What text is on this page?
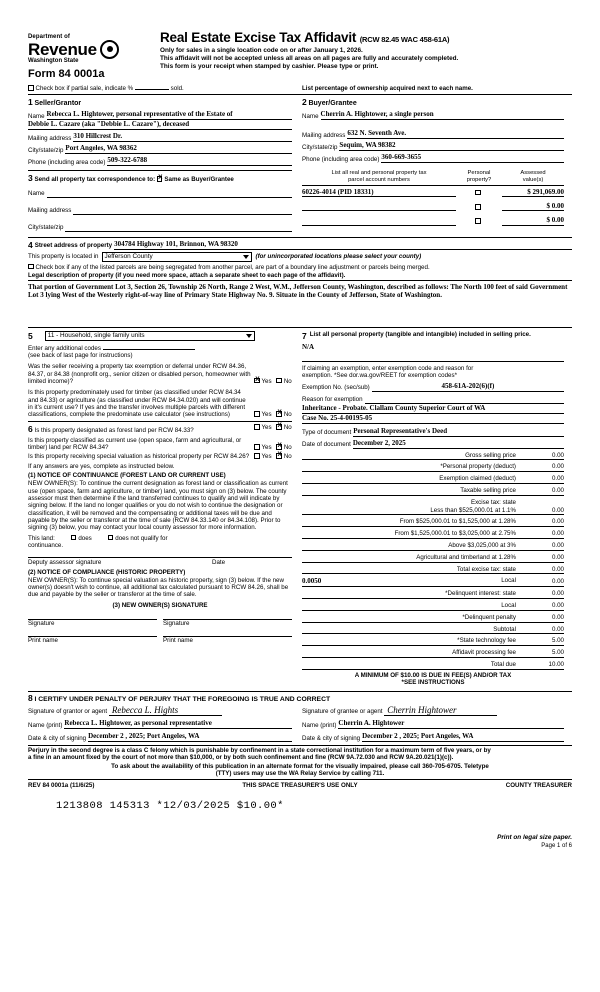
Department of
Revenue
Washington State
Form 84 0001a
Real Estate Excise Tax Affidavit (RCW 82.45 WAC 458-61A)
Only for sales in a single location code on or after January 1, 2026.
This affidavit will not be accepted unless all areas on all pages are fully and accurately completed.
This form is your receipt when stamped by cashier. Please type or print.
Check box if partial sale, indicate %	sold.	List percentage of ownership acquired next to each name.
1 Seller/Grantor
Name Rebecca L. Hightower, personal representative of the Estate of
Debbie L. Cazare (aka "Debbie L. Cazare"), deceased
Mailing address 310 Hillcrest Dr.
City/state/zip Port Angeles, WA 98362
Phone (including area code) 509-322-6788
2 Buyer/Grantee
Name Cherrin A. Hightower, a single person
Mailing address 632 N. Seventh Ave.
City/state/zip Sequim, WA 98382
Phone (including area code) 360-669-3655
3 Send all property tax correspondence to: X Same as Buyer/Grantee
Name
Mailing address
City/state/zip
List all real and personal property tax
parcel account numbers
Personal
property?
Assessed
value(s)
60226-4014 (PID 18331)	$ 291,069.00

$ 0.00

$ 0.00
4 Street address of property 304784 Highway 101, Brinnon, WA 98320
This property is located in Jefferson County	(for unincorporated locations please select your county)
Check box if any of the listed parcels are being segregated from another parcel, are part of a boundary line adjustment or parcels being merged.
Legal description of property (if you need more space, attach a separate sheet to each page of the affidavit).
That portion of Government Lot 3, Section 26, Township 26 North, Range 2 West, W.M., Jefferson County, Washington, described as follows: The North 100 feet of said Government Lot 3 lying West of the Westerly right-of-way line of Primary State Highway No. 9. Situate in the County of Jefferson, State of Washington.
5 11 - Household, single family units
Enter any additional codes
(see back of last page for instructions)
Was the seller receiving a property tax exemption or deferral under RCW 84.36, 84.37, or 84.38 (nonprofit org., senior citizen or disabled person, homeowner with limited income)? X	Yes No
Is this property predominately used for timber (as classified under RCW 84.34 and 84.33) or agriculture (as classified under RCW 84.34.020) and will continue in it's current use? If yes and the transfer involves multiple parcels with different classifications, complete the predominate use calculator (see instructions)	Yes X No
6 Is this property designated as forest land per RCW 84.33?	Yes X No
Is this property classified as current use (open space, farm and agricultural, or timber) land per RCW 84.34?	Yes X No
Is this property receiving special valuation as historical property per RCW 84.26?	Yes X No
If any answers are yes, complete as instructed below.
(1) NOTICE OF CONTINUANCE (FOREST LAND OR CURRENT USE)
NEW OWNER(S): To continue the current designation as forest land or classification as current use (open space, farm and agriculture, or timber) land, you must sign on (3) below. The county assessor must then determine if the land transferred continues to qualify and will indicate by signing below. If the land no longer qualifies or you do not wish to continue the designation or classification, it will be removed and the compensating or additional taxes will be due and payable by the seller or transferor at the time of sale (RCW 84.33.140 or 84.34.108). Prior to signing (3) below, you may contact your local county assessor for more information.
This land:	does	does not qualify for
continuance.
Deputy assessor signature	Date
(2) NOTICE OF COMPLIANCE (HISTORIC PROPERTY)
NEW OWNER(S): To continue special valuation as historic property, sign (3) below. If the new owner(s) doesn't wish to continue, all additional tax calculated pursuant to RCW 84.26, shall be due and payable by the seller or transferor at the time of sale.
(3) NEW OWNER(S) SIGNATURE
Signature	Signature
Print name	Print name
7 List all personal property (tangible and intangible) included in selling price.
N/A
If claiming an exemption, enter exemption code and reason for
exemption. *See dor.wa.gov/REET for exemption codes*
Exemption No. (sec/sub)	458-61A-202(6)(f)
Reason for exemption
Inheritance - Probate. Clallam County Superior Court of WA
Case No. 25-4-00195-05
Type of document Personal Representative's Deed
Date of document December 2, 2025
Gross selling price	0.00
*Personal property (deduct)	0.00
Exemption claimed (deduct)	0.00
Taxable selling price	0.00
Excise tax: state
Less than $525,000.01 at 1.1%	0.00
From $525,000.01 to $1,525,000 at 1.28%	0.00
From $1,525,000.01 to $3,025,000 at 2.75%	0.00
Above $3,025,000 at 3%	0.00
Agricultural and timberland at 1.28%	0.00
Total excise tax: state	0.00
0.0050	Local	0.00
*Delinquent interest: state	0.00
Local	0.00
*Delinquent penalty	0.00
Subtotal	0.00
*State technology fee	5.00
Affidavit processing fee	5.00
Total due	10.00
A MINIMUM OF $10.00 IS DUE IN FEE(S) AND/OR TAX
*SEE INSTRUCTIONS
8 I CERTIFY UNDER PENALTY OF PERJURY THAT THE FOREGOING IS TRUE AND CORRECT
Signature of grantor or agent Rebecca L. Hights
Name (print) Rebecca L. Hightower, as personal representative
Date & city of signing December 2 , 2025; Port Angeles, WA
Signature of grantee or agent Cherrin Hightower
Name (print) Cherrin A. Hightower
Date & city of signing December 2 , 2025; Port Angeles, WA
Perjury in the second degree is a class C felony which is punishable by confinement in a state correctional institution for a maximum term of five years, or by
a fine in an amount fixed by the court of not more than $10,000, or by both such confinement and fine (RCW 9A.72.030 and RCW 9A.20.021(1)(c)).
To ask about the availability of this publication in an alternate format for the visually impaired, please call 360-705-6705. Teletype
(TTY) users may use the WA Relay Service by calling 711.
REV 84 0001a (11/6/25)	THIS SPACE TREASURER'S USE ONLY	COUNTY TREASURER
1213808 145313 *12/03/2025 $10.00*
Print on legal size paper.
Page 1 of 6
